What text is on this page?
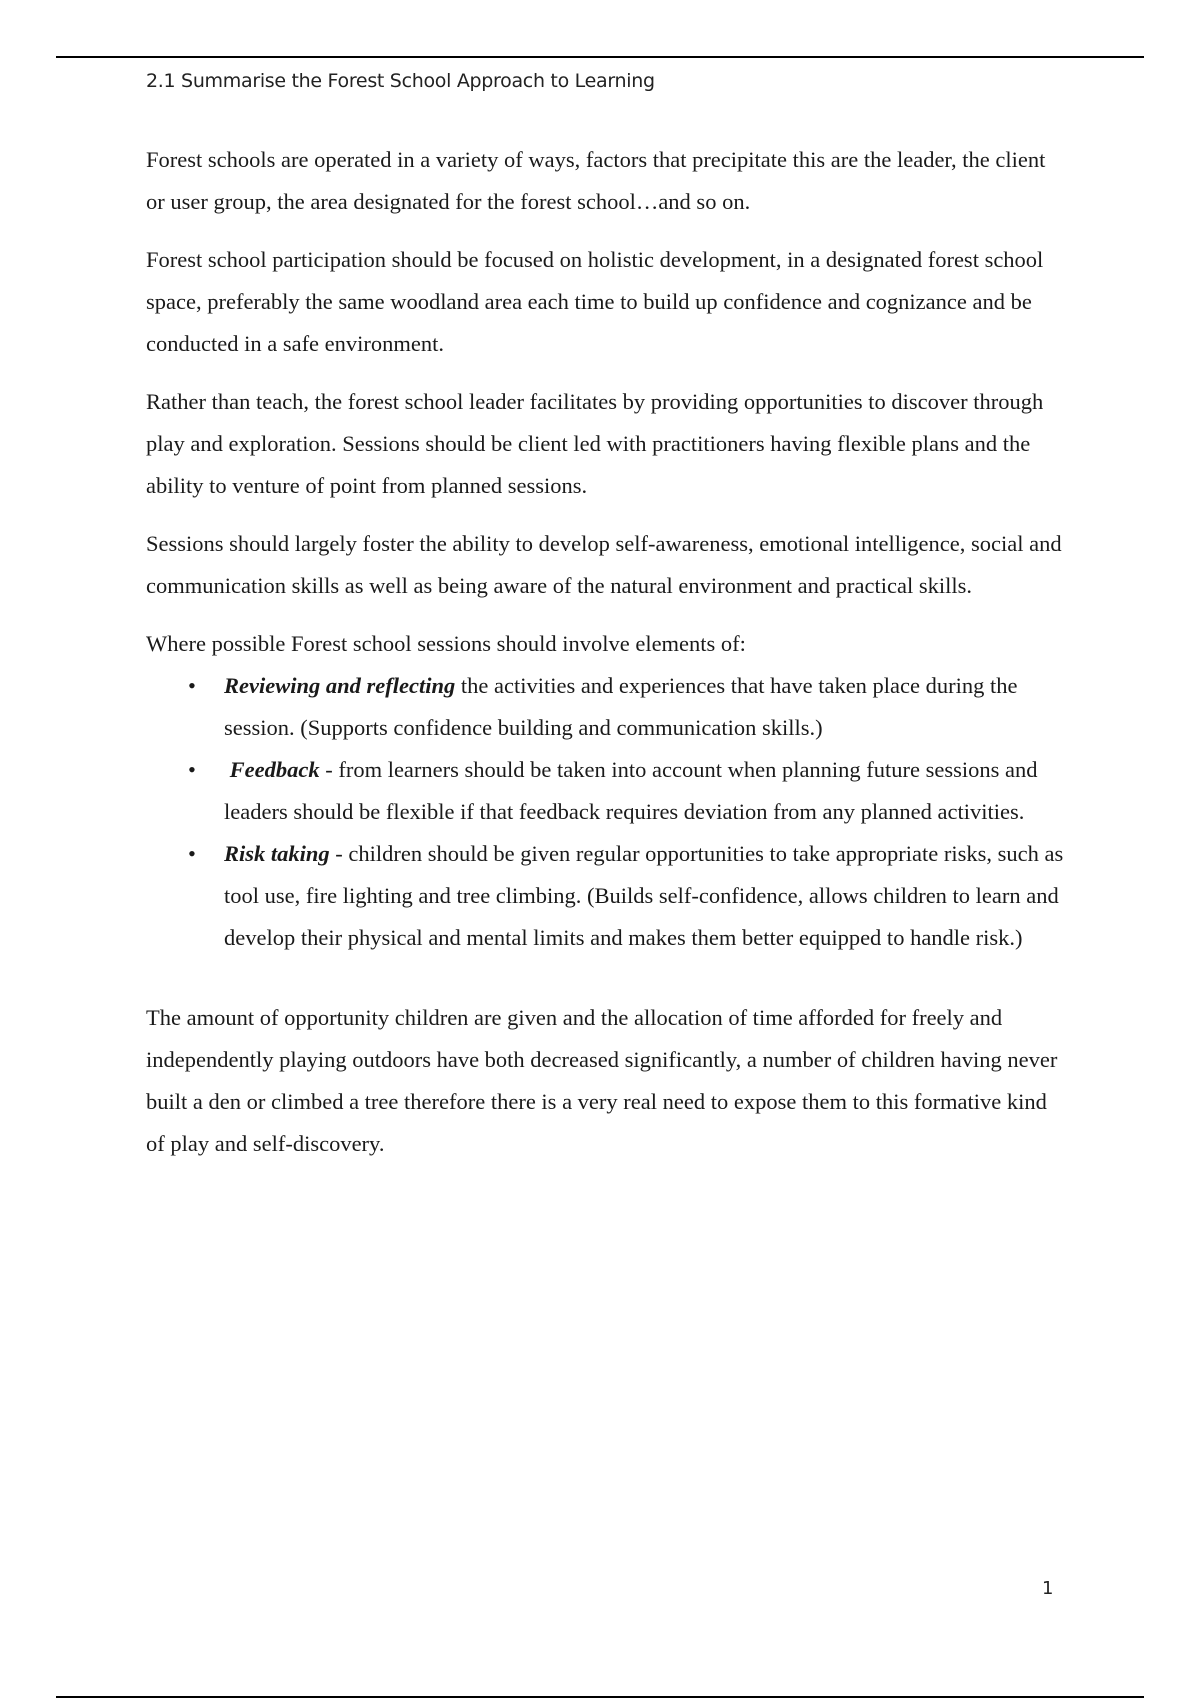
2.1 Summarise the Forest School Approach to Learning

Forest schools are operated in a variety of ways, factors that precipitate this are the leader, the client or user group, the area designated for the forest school…and so on.

Forest school participation should be focused on holistic development, in a designated forest school space, preferably the same woodland area each time to build up confidence and cognizance and be conducted in a safe environment.

Rather than teach, the forest school leader facilitates by providing opportunities to discover through play and exploration. Sessions should be client led with practitioners having flexible plans and the ability to venture of point from planned sessions.

Sessions should largely foster the ability to develop self-awareness, emotional intelligence, social and communication skills as well as being aware of the natural environment and practical skills.

Where possible Forest school sessions should involve elements of:

• Reviewing and reflecting the activities and experiences that have taken place during the session. (Supports confidence building and communication skills.)
• Feedback - from learners should be taken into account when planning future sessions and leaders should be flexible if that feedback requires deviation from any planned activities.
• Risk taking - children should be given regular opportunities to take appropriate risks, such as tool use, fire lighting and tree climbing. (Builds self-confidence, allows children to learn and develop their physical and mental limits and makes them better equipped to handle risk.)

The amount of opportunity children are given and the allocation of time afforded for freely and independently playing outdoors have both decreased significantly, a number of children having never built a den or climbed a tree therefore there is a very real need to expose them to this formative kind of play and self-discovery.

1
